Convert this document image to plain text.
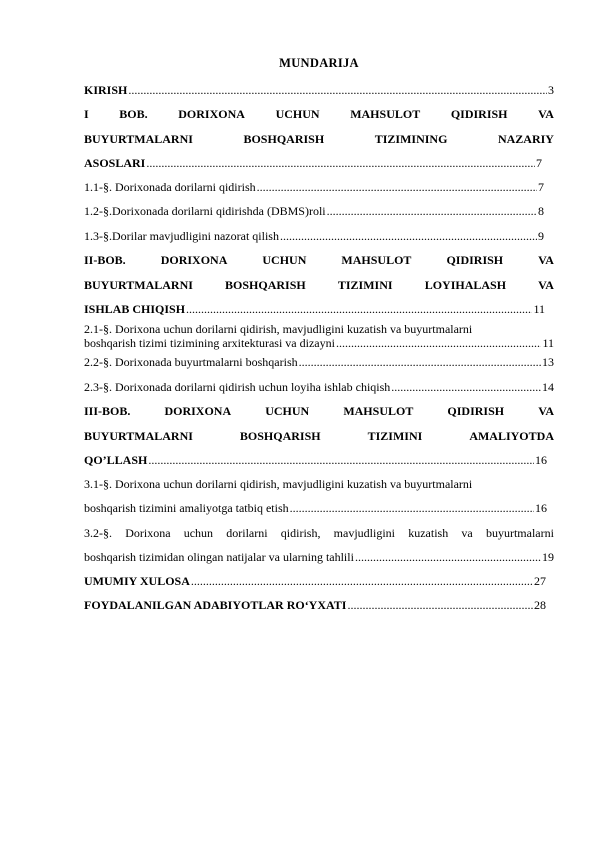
MUNDARIJA
KIRISH .....	3
I	BOB.	DORIXONA	UCHUN	MAHSULOT	QIDIRISH	VA
BUYURTMALARNI	BOSHQARISH	TIZIMINING	NAZARIY
ASOSLARI .....	7
1.1-§. Dorixonada dorilarni qidirish .....	7
1.2-§.Dorixonada dorilarni qidirishda (DBMS)roli .....	8
1.3-§.Dorilar mavjudligini nazorat qilish .....	9
II-BOB.	DORIXONA	UCHUN	MAHSULOT	QIDIRISH	VA
BUYURTMALARNI	BOSHQARISH	TIZIMINI	LOYIHALASH	VA
ISHLAB CHIQISH .....	11
2.1-§. Dorixona uchun dorilarni qidirish, mavjudligini kuzatish va buyurtmalarni
boshqarish tizimi tizimining arxitekturasi va dizayni .....	11
2.2-§. Dorixonada buyurtmalarni boshqarish .....	13
2.3-§. Dorixonada dorilarni qidirish uchun loyiha ishlab chiqish .....	14
III-BOB.	DORIXONA	UCHUN	MAHSULOT	QIDIRISH	VA
BUYURTMALARNI	BOSHQARISH	TIZIMINI	AMALIYOTDA
QO’LLASH .....	16
3.1-§. Dorixona uchun dorilarni qidirish, mavjudligini kuzatish va buyurtmalarni
boshqarish tizimini amaliyotga tatbiq etish .....	16
3.2-§. Dorixona uchun dorilarni qidirish, mavjudligini kuzatish va buyurtmalarni
boshqarish tizimidan olingan natijalar va ularning tahlili .....	19
UMUMIY XULOSA .....	27
FOYDALANILGAN ADABIYOTLAR RO‘YXATI .....	28
